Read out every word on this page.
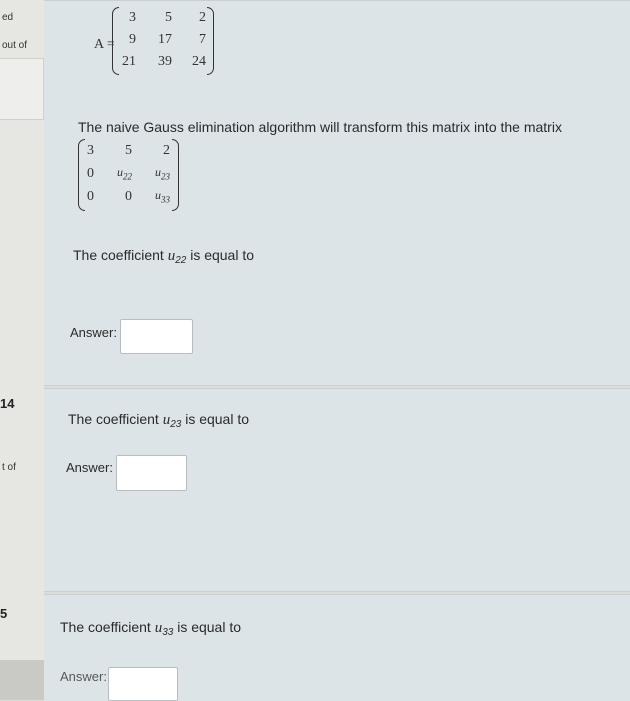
ed
out of
14
t of
5
A =
3 5 2
9 17 7
21 39 24
The naive Gauss elimination algorithm will transform this matrix into the matrix
3 5 2
0 $u_{22}$ $u_{23}$
0 0 $u_{33}$
The coefficient $u_{22}$ is equal to
Answer:
The coefficient $u_{23}$ is equal to
Answer:
The coefficient $u_{33}$ is equal to
Answer:
